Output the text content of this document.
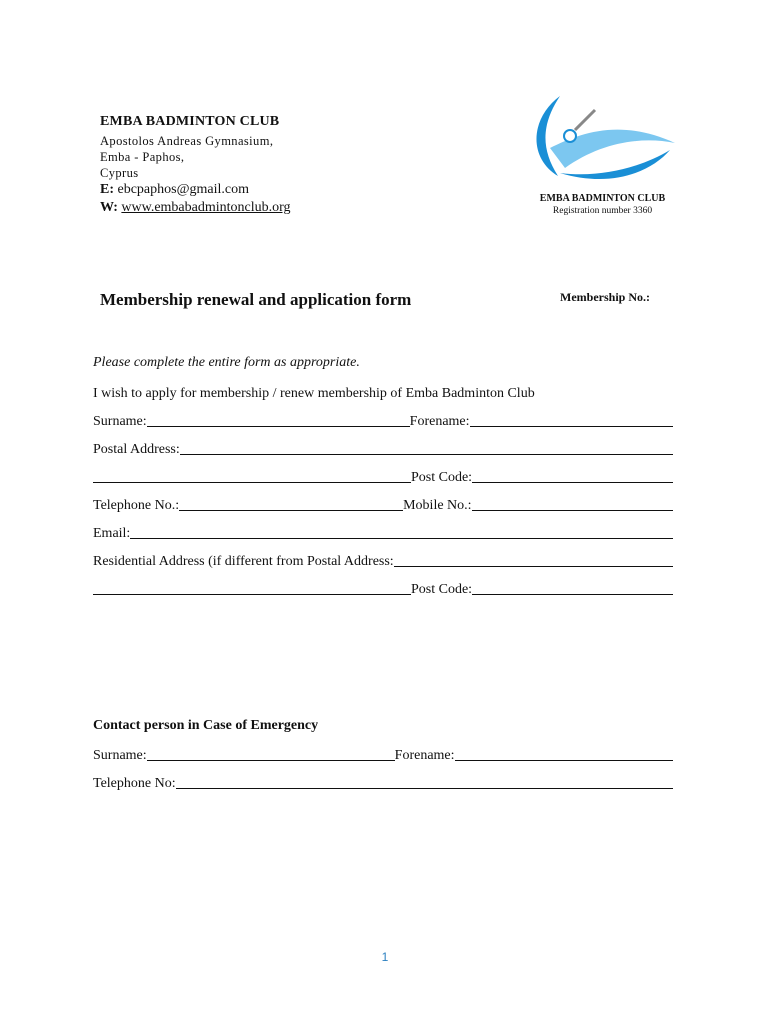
EMBA BADMINTON CLUB
Apostolos Andreas Gymnasium,
Emba - Paphos,
Cyprus
E: ebcpaphos@gmail.com
W: www.embabadmintonclub.org
EMBA BADMINTON CLUB
Registration number 3360
Membership renewal and application form	Membership No.:
Please complete the entire form as appropriate.
I wish to apply for membership / renew membership of Emba Badminton Club
Surname:	Forename:
Postal Address:
Post Code:
Telephone No.:	Mobile No.:
Email:
Residential Address (if different from Postal Address:
Post Code:
Contact person in Case of Emergency
Surname:	Forename:
Telephone No:
1
